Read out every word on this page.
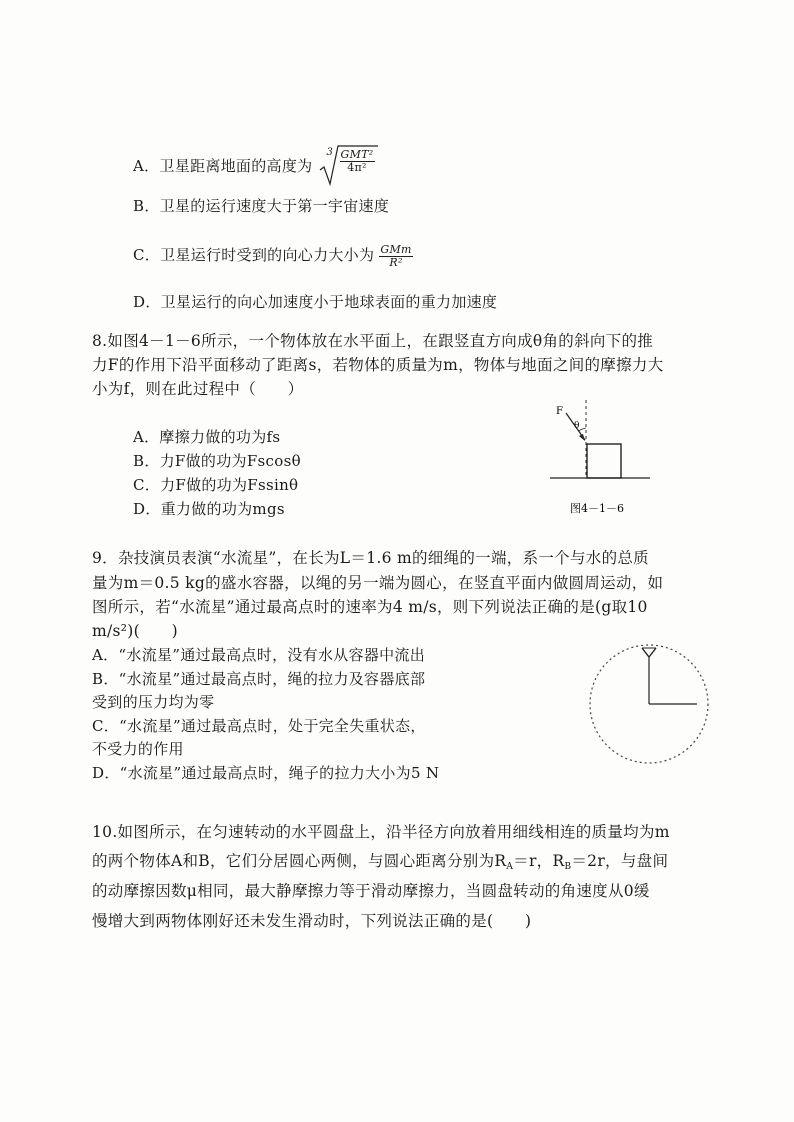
A．卫星距离地面的高度为
3 GMT²
4π²
B．卫星的运行速度大于第一宇宙速度
C．卫星运行时受到的向心力大小为 $\frac{\text{GMm}}{\text{R²}}$
D．卫星运行的向心加速度小于地球表面的重力加速度
8.如图4－1－6所示，一个物体放在水平面上，在跟竖直方向成θ角的斜向下的推
力F的作用下沿平面移动了距离s，若物体的质量为m，物体与地面之间的摩擦力大
小为f，则在此过程中（　　）
A．摩擦力做的功为fs
B．力F做的功为Fscosθ
C．力F做的功为Fssinθ
D．重力做的功为mgs
F
θ
图4－1－6
9．杂技演员表演“水流星”，在长为L＝1.6 m的细绳的一端，系一个与水的总质
量为m＝0.5 kg的盛水容器，以绳的另一端为圆心，在竖直平面内做圆周运动，如
图所示，若“水流星”通过最高点时的速率为4 m/s，则下列说法正确的是(g取10
m/s²)(　　)
A．“水流星”通过最高点时，没有水从容器中流出
B．“水流星”通过最高点时，绳的拉力及容器底部
受到的压力均为零
C．“水流星”通过最高点时，处于完全失重状态，
不受力的作用
D．“水流星”通过最高点时，绳子的拉力大小为5 N
10.如图所示，在匀速转动的水平圆盘上，沿半径方向放着用细线相连的质量均为m
的两个物体A和B，它们分居圆心两侧，与圆心距离分别为$R_A=r$，$R_B=2r$，与盘间
的动摩擦因数μ相同，最大静摩擦力等于滑动摩擦力，当圆盘转动的角速度从0缓
慢增大到两物体刚好还未发生滑动时，下列说法正确的是(　　)
